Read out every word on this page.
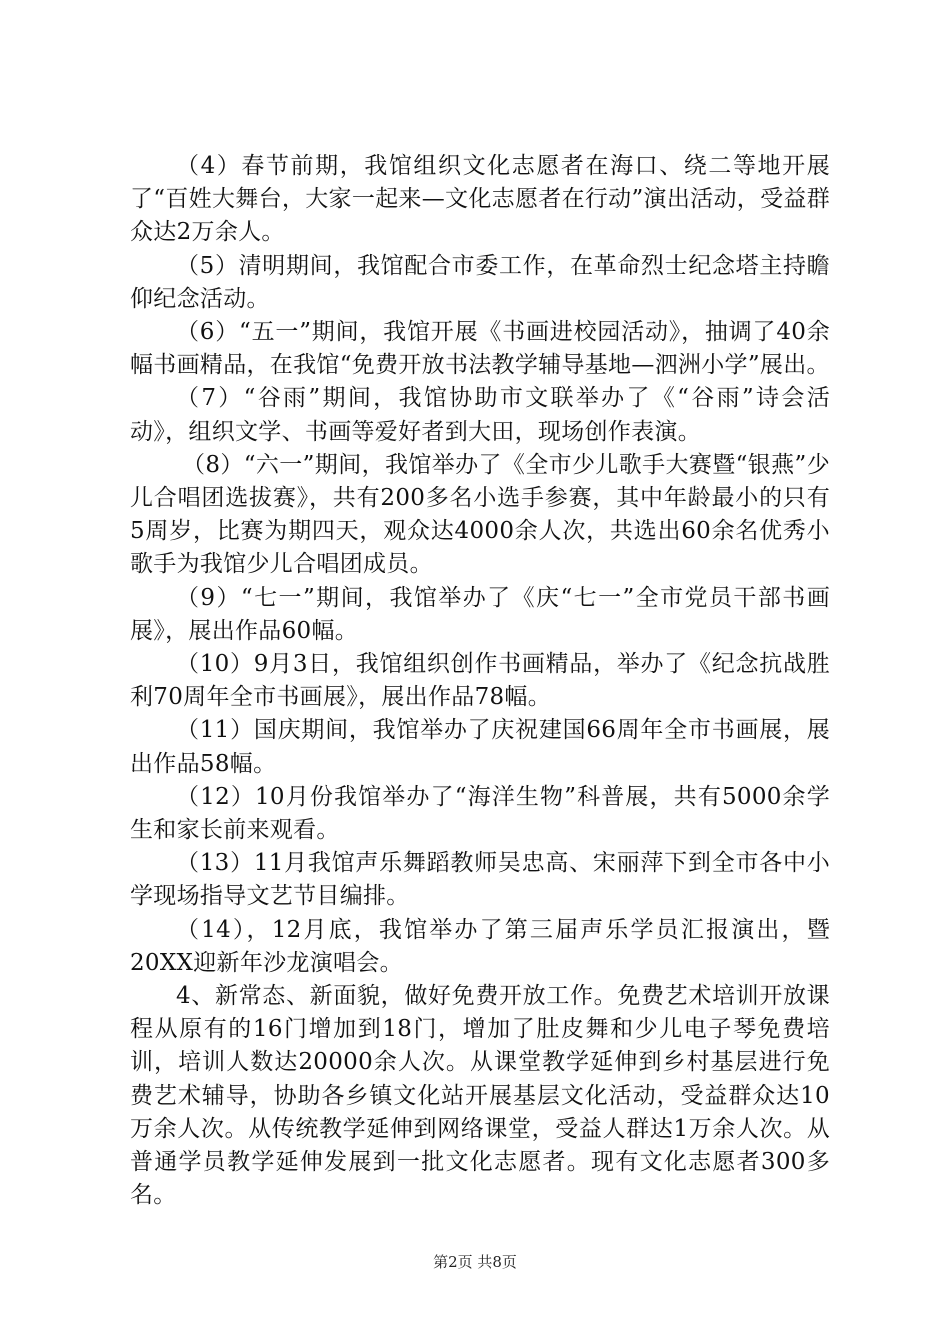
（4）春节前期，我馆组织文化志愿者在海口、绕二等地开展了“百姓大舞台，大家一起来—文化志愿者在行动”演出活动，受益群众达2万余人。

（5）清明期间，我馆配合市委工作，在革命烈士纪念塔主持瞻仰纪念活动。

（6）“五一”期间，我馆开展《书画进校园活动》，抽调了40余幅书画精品，在我馆“免费开放书法教学辅导基地—泗洲小学”展出。

（7）“谷雨”期间，我馆协助市文联举办了《“谷雨”诗会活动》，组织文学、书画等爱好者到大田，现场创作表演。

（8）“六一”期间，我馆举办了《全市少儿歌手大赛暨“银燕”少儿合唱团选拔赛》，共有200多名小选手参赛，其中年龄最小的只有5周岁，比赛为期四天，观众达4000余人次，共选出60余名优秀小歌手为我馆少儿合唱团成员。

（9）“七一”期间，我馆举办了《庆“七一”全市党员干部书画展》，展出作品60幅。

（10）9月3日，我馆组织创作书画精品，举办了《纪念抗战胜利70周年全市书画展》，展出作品78幅。

（11）国庆期间，我馆举办了庆祝建国66周年全市书画展，展出作品58幅。

（12）10月份我馆举办了“海洋生物”科普展，共有5000余学生和家长前来观看。

（13）11月我馆声乐舞蹈教师吴忠高、宋丽萍下到全市各中小学现场指导文艺节目编排。

（14），12月底，我馆举办了第三届声乐学员汇报演出，暨20XX迎新年沙龙演唱会。

4、新常态、新面貌，做好免费开放工作。免费艺术培训开放课程从原有的16门增加到18门，增加了肚皮舞和少儿电子琴免费培训，培训人数达20000余人次。从课堂教学延伸到乡村基层进行免费艺术辅导，协助各乡镇文化站开展基层文化活动，受益群众达10万余人次。从传统教学延伸到网络课堂，受益人群达1万余人次。从普通学员教学延伸发展到一批文化志愿者。现有文化志愿者300多名。

第2页 共8页
